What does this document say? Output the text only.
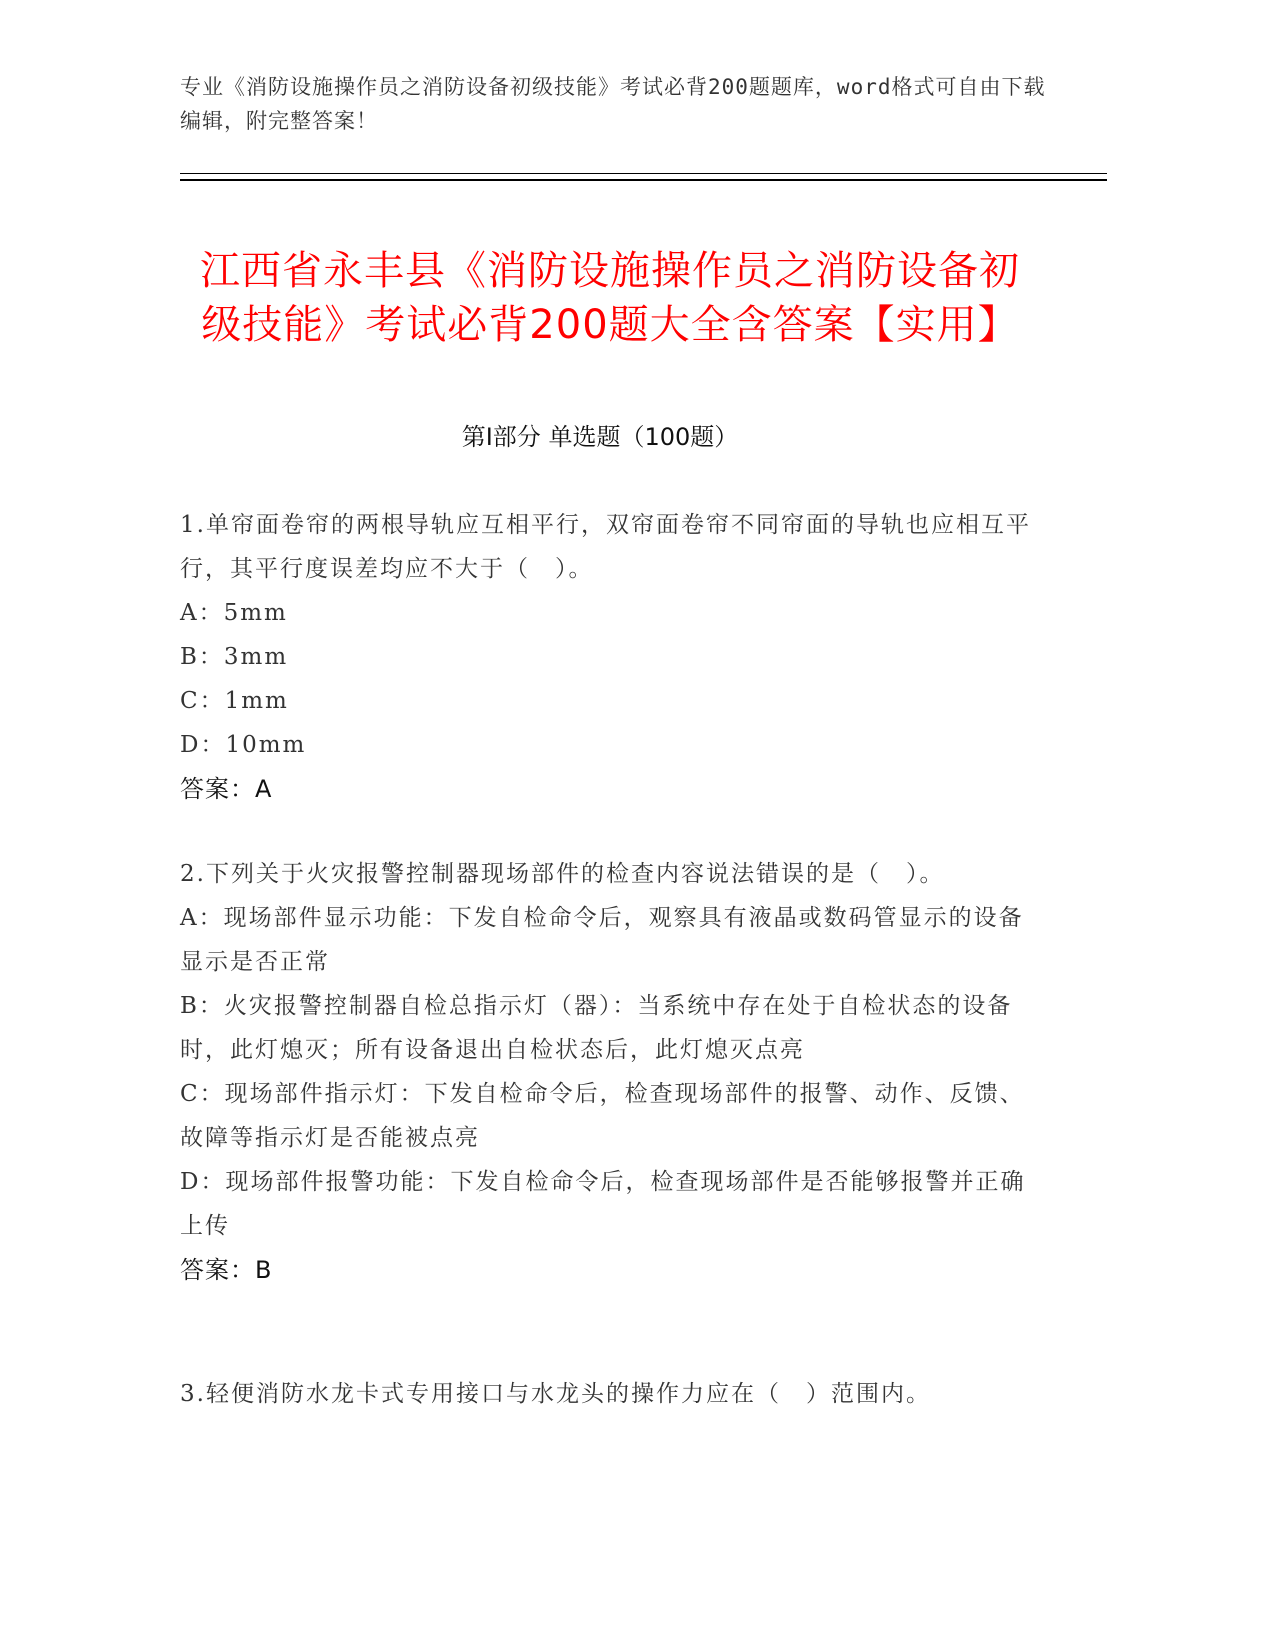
专业《消防设施操作员之消防设备初级技能》考试必背200题题库，word格式可自由下载编辑，附完整答案！
江西省永丰县《消防设施操作员之消防设备初级技能》考试必背200题大全含答案【实用】
第I部分 单选题（100题）
1.单帘面卷帘的两根导轨应互相平行，双帘面卷帘不同帘面的导轨也应相互平行，其平行度误差均应不大于（　）。
A：5mm
B：3mm
C：1mm
D：10mm
答案：A
2.下列关于火灾报警控制器现场部件的检查内容说法错误的是（　）。
A：现场部件显示功能：下发自检命令后，观察具有液晶或数码管显示的设备显示是否正常
B：火灾报警控制器自检总指示灯（器）：当系统中存在处于自检状态的设备时，此灯熄灭；所有设备退出自检状态后，此灯熄灭点亮
C：现场部件指示灯：下发自检命令后，检查现场部件的报警、动作、反馈、故障等指示灯是否能被点亮
D：现场部件报警功能：下发自检命令后，检查现场部件是否能够报警并正确上传
答案：B
3.轻便消防水龙卡式专用接口与水龙头的操作力应在（　）范围内。
